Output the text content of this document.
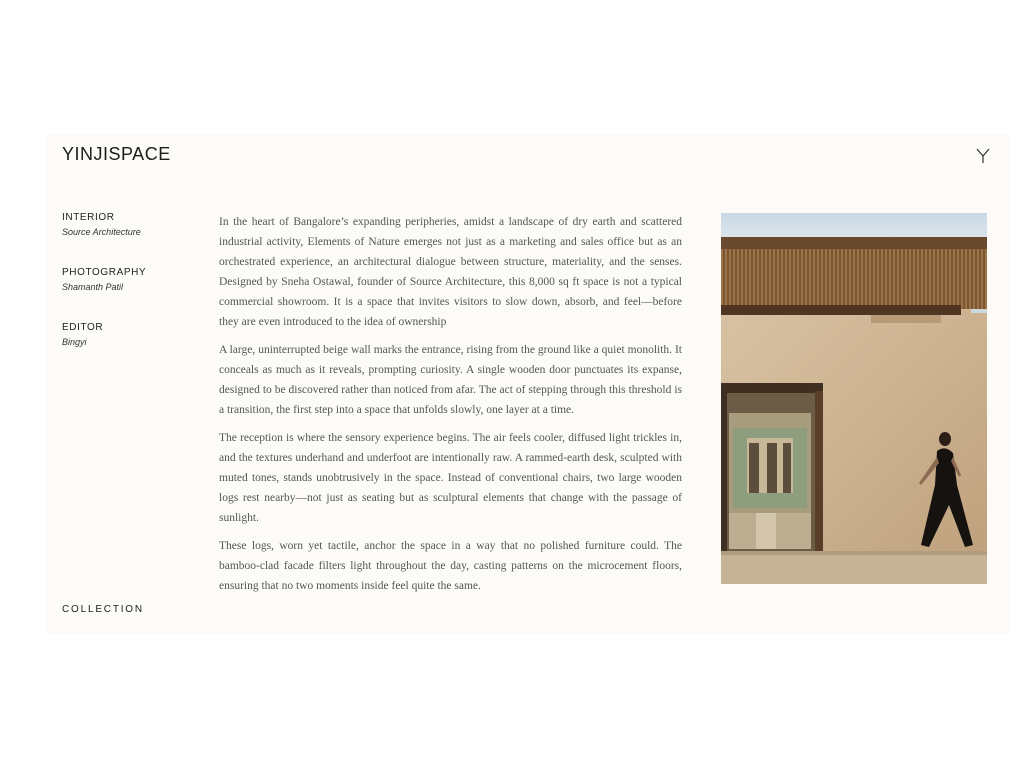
YINJISPACE
INTERIOR
Source Architecture
PHOTOGRAPHY
Shamanth Patil
EDITOR
Bingyi
COLLECTION

In the heart of Bangalore’s expanding peripheries, amidst a landscape of dry earth and scattered industrial activity, Elements of Nature emerges not just as a marketing and sales office but as an orchestrated experience, an architectural dialogue between structure, materiality, and the senses. Designed by Sneha Ostawal, founder of Source Architecture, this 8,000 sq ft space is not a typical commercial showroom. It is a space that invites visitors to slow down, absorb, and feel—before they are even introduced to the idea of ownership

A large, uninterrupted beige wall marks the entrance, rising from the ground like a quiet monolith. It conceals as much as it reveals, prompting curiosity. A single wooden door punctuates its expanse, designed to be discovered rather than noticed from afar. The act of stepping through this threshold is a transition, the first step into a space that unfolds slowly, one layer at a time.

The reception is where the sensory experience begins. The air feels cooler, diffused light trickles in, and the textures underhand and underfoot are intentionally raw. A rammed-earth desk, sculpted with muted tones, stands unobtrusively in the space. Instead of conventional chairs, two large wooden logs rest nearby—not just as seating but as sculptural elements that change with the passage of sunlight.

These logs, worn yet tactile, anchor the space in a way that no polished furniture could. The bamboo-clad facade filters light throughout the day, casting patterns on the microcement floors, ensuring that no two moments inside feel quite the same.
